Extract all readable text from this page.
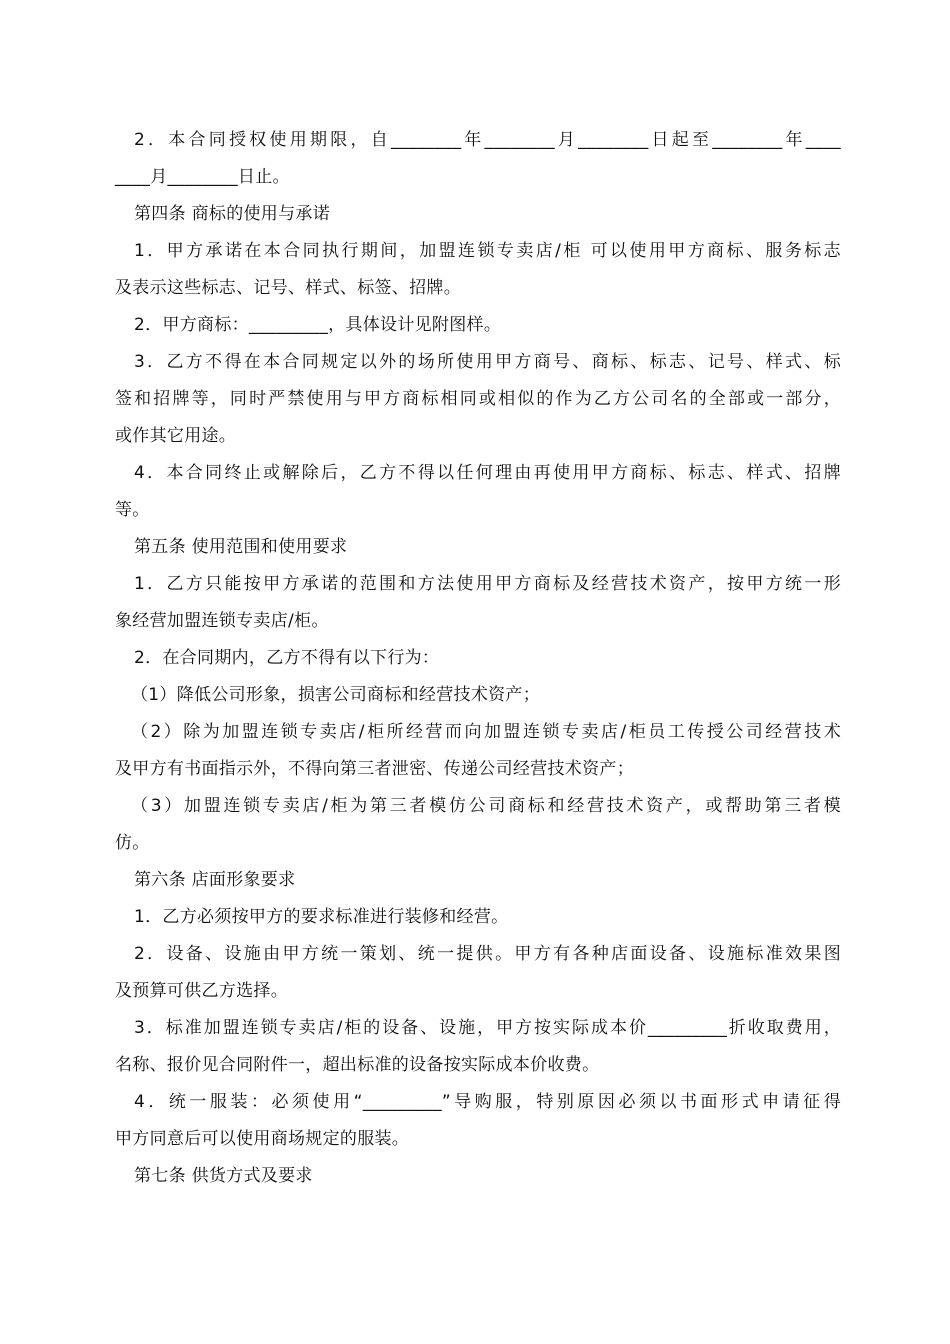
2．本合同授权使用期限，自________年________月________日起至________年____
____月________日止。
第四条 商标的使用与承诺
1．甲方承诺在本合同执行期间，加盟连锁专卖店/柜 可以使用甲方商标、服务标志
及表示这些标志、记号、样式、标签、招牌。
2．甲方商标：_________，具体设计见附图样。
3．乙方不得在本合同规定以外的场所使用甲方商号、商标、标志、记号、样式、标
签和招牌等，同时严禁使用与甲方商标相同或相似的作为乙方公司名的全部或一部分，
或作其它用途。
4．本合同终止或解除后，乙方不得以任何理由再使用甲方商标、标志、样式、招牌
等。
第五条 使用范围和使用要求
1．乙方只能按甲方承诺的范围和方法使用甲方商标及经营技术资产，按甲方统一形
象经营加盟连锁专卖店/柜。
2．在合同期内，乙方不得有以下行为：
（1）降低公司形象，损害公司商标和经营技术资产；
（2）除为加盟连锁专卖店/柜所经营而向加盟连锁专卖店/柜员工传授公司经营技术
及甲方有书面指示外，不得向第三者泄密、传递公司经营技术资产；
（3）加盟连锁专卖店/柜为第三者模仿公司商标和经营技术资产，或帮助第三者模
仿。
第六条 店面形象要求
1．乙方必须按甲方的要求标准进行装修和经营。
2．设备、设施由甲方统一策划、统一提供。甲方有各种店面设备、设施标准效果图
及预算可供乙方选择。
3．标准加盟连锁专卖店/柜的设备、设施，甲方按实际成本价_________折收取费用，
名称、报价见合同附件一，超出标准的设备按实际成本价收费。
4．统一服装：必须使用“_________”导购服，特别原因必须以书面形式申请征得
甲方同意后可以使用商场规定的服装。
第七条 供货方式及要求
